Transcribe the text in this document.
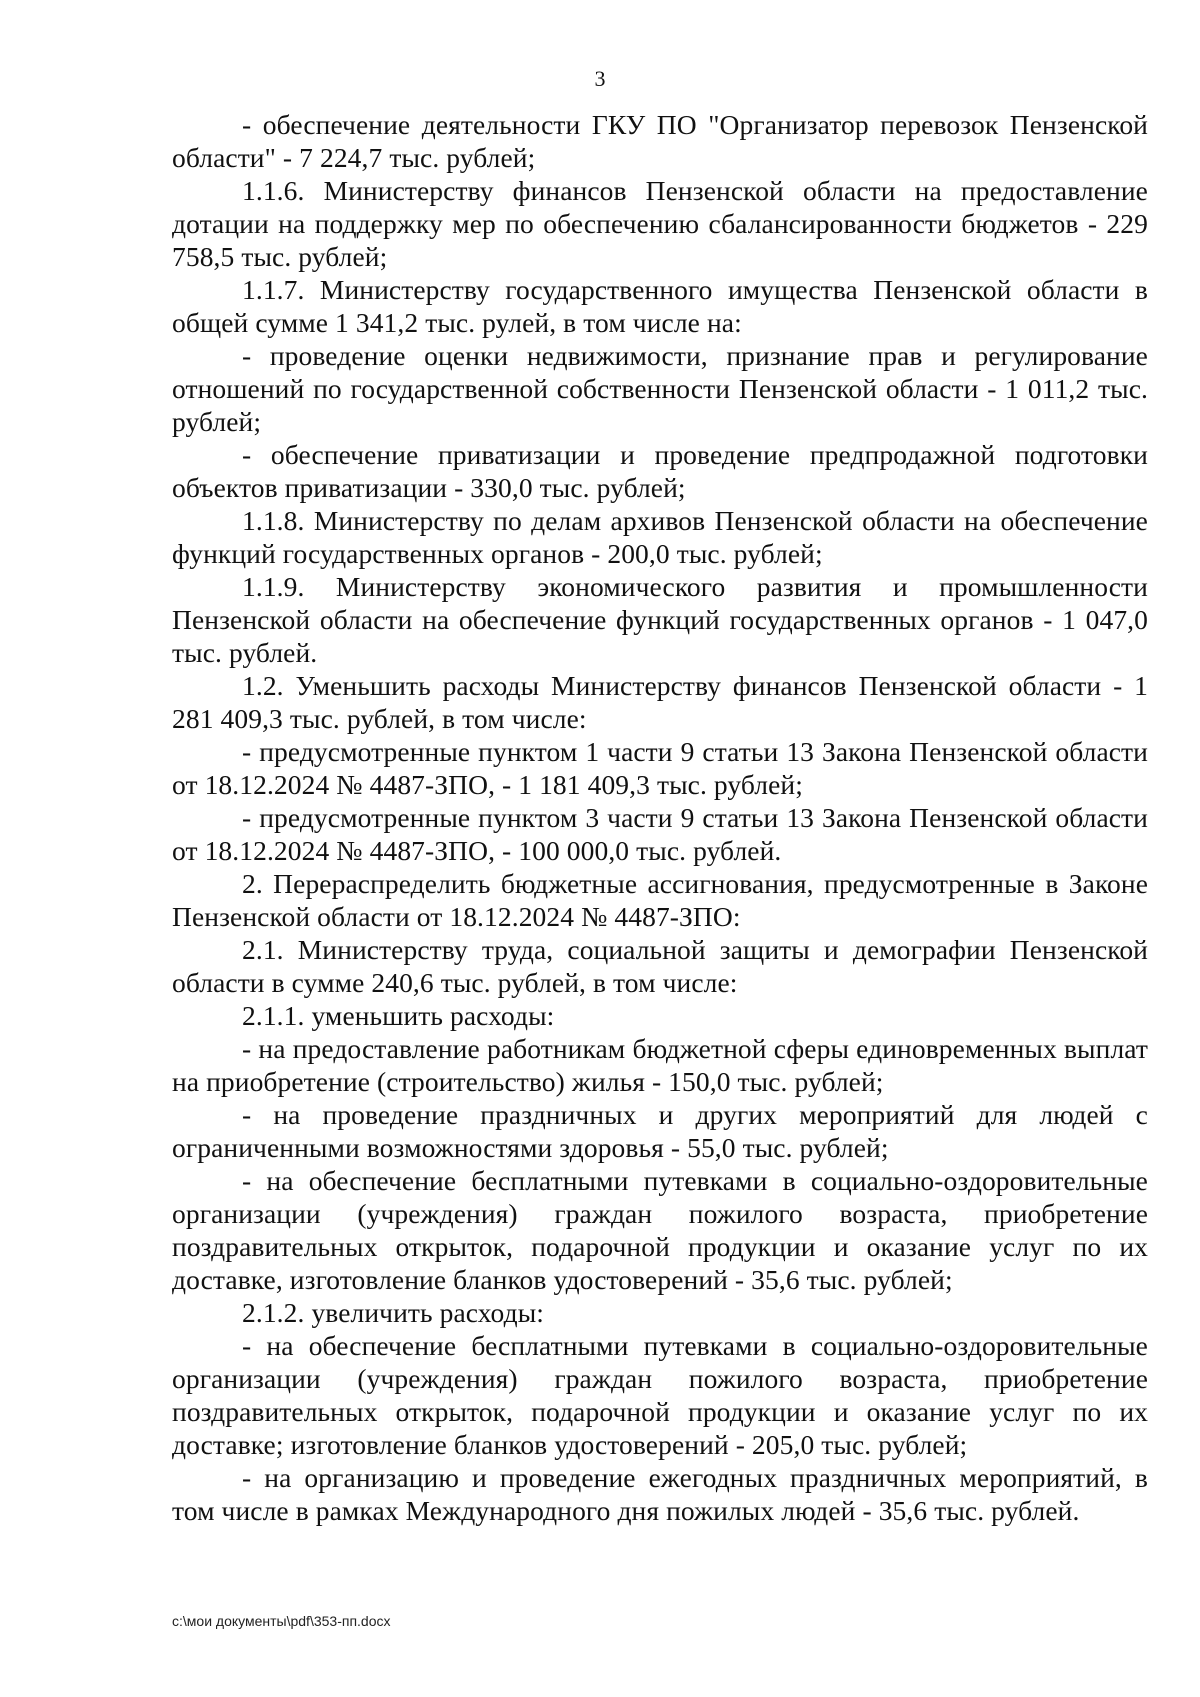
3

- обеспечение деятельности ГКУ ПО "Организатор перевозок Пензенской области" - 7 224,7 тыс. рублей;

1.1.6. Министерству финансов Пензенской области на предоставление дотации на поддержку мер по обеспечению сбалансированности бюджетов - 229 758,5 тыс. рублей;

1.1.7. Министерству государственного имущества Пензенской области в общей сумме 1 341,2 тыс. рулей, в том числе на:

- проведение оценки недвижимости, признание прав и регулирование отношений по государственной собственности Пензенской области - 1 011,2 тыс. рублей;

- обеспечение приватизации и проведение предпродажной подготовки объектов приватизации - 330,0 тыс. рублей;

1.1.8. Министерству по делам архивов Пензенской области на обеспечение функций государственных органов - 200,0 тыс. рублей;

1.1.9. Министерству экономического развития и промышленности Пензенской области на обеспечение функций государственных органов - 1 047,0 тыс. рублей.

1.2. Уменьшить расходы Министерству финансов Пензенской области - 1 281 409,3 тыс. рублей, в том числе:

- предусмотренные пунктом 1 части 9 статьи 13 Закона Пензенской области от 18.12.2024 № 4487-ЗПО, - 1 181 409,3 тыс. рублей;

- предусмотренные пунктом 3 части 9 статьи 13 Закона Пензенской области от 18.12.2024 № 4487-ЗПО, - 100 000,0 тыс. рублей.

2. Перераспределить бюджетные ассигнования, предусмотренные в Законе Пензенской области от 18.12.2024 № 4487-ЗПО:

2.1. Министерству труда, социальной защиты и демографии Пензенской области в сумме 240,6 тыс. рублей, в том числе:

2.1.1. уменьшить расходы:

- на предоставление работникам бюджетной сферы единовременных выплат на приобретение (строительство) жилья - 150,0 тыс. рублей;

- на проведение праздничных и других мероприятий для людей с ограниченными возможностями здоровья - 55,0 тыс. рублей;

- на обеспечение бесплатными путевками в социально-оздоровительные организации (учреждения) граждан пожилого возраста, приобретение поздравительных открыток, подарочной продукции и оказание услуг по их доставке, изготовление бланков удостоверений - 35,6 тыс. рублей;

2.1.2. увеличить расходы:

- на обеспечение бесплатными путевками в социально-оздоровительные организации (учреждения) граждан пожилого возраста, приобретение поздравительных открыток, подарочной продукции и оказание услуг по их доставке; изготовление бланков удостоверений - 205,0 тыс. рублей;

- на организацию и проведение ежегодных праздничных мероприятий, в том числе в рамках Международного дня пожилых людей - 35,6 тыс. рублей.

c:\мои документы\pdf\353-пп.docx
